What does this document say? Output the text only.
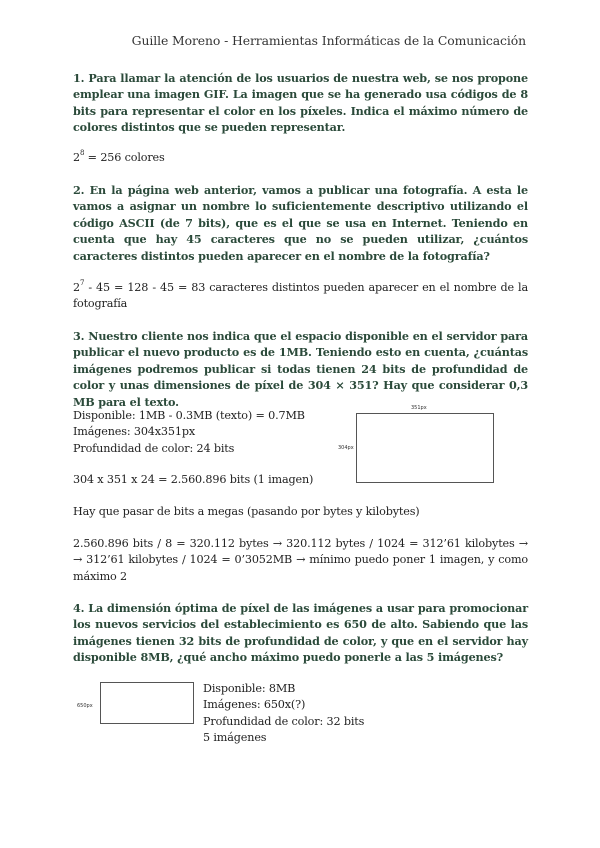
Guille Moreno - Herramientas Informáticas de la Comunicación
1. Para llamar la atención de los usuarios de nuestra web, se nos propone emplear una imagen GIF. La imagen que se ha generado usa códigos de 8 bits para representar el color en los píxeles. Indica el máximo número de colores distintos que se pueden representar.
$2^8 = 256$ colores
2. En la página web anterior, vamos a publicar una fotografía. A esta le vamos a asignar un nombre lo suficientemente descriptivo utilizando el código ASCII (de 7 bits), que es el que se usa en Internet. Teniendo en cuenta que hay 45 caracteres que no se pueden utilizar, ¿cuántos caracteres distintos pueden aparecer en el nombre de la fotografía?
$2^7 - 45 = 128 - 45 = 83$ caracteres distintos pueden aparecer en el nombre de la fotografía
3. Nuestro cliente nos indica que el espacio disponible en el servidor para publicar el nuevo producto es de 1MB. Teniendo esto en cuenta, ¿cuántas imágenes podremos publicar si todas tienen 24 bits de profundidad de color y unas dimensiones de píxel de 304 × 351? Hay que considerar 0,3 MB para el texto.
Disponible: 1MB - 0.3MB (texto) = 0.7MB
Imágenes: 304x351px
Profundidad de color: 24 bits
351px
304px
304 x 351 x 24 = 2.560.896 bits (1 imagen)
Hay que pasar de bits a megas (pasando por bytes y kilobytes)
2.560.896 bits / 8 = 320.112 bytes → 320.112 bytes / 1024 = 312’61 kilobytes → → 312’61 kilobytes / 1024 = 0’3052MB → mínimo puedo poner 1 imagen, y como máximo 2
4. La dimensión óptima de píxel de las imágenes a usar para promocionar los nuevos servicios del establecimiento es 650 de alto. Sabiendo que las imágenes tienen 32 bits de profundidad de color, y que en el servidor hay disponible 8MB, ¿qué ancho máximo puedo ponerle a las 5 imágenes?
650px
Disponible: 8MB
Imágenes: 650x(?)
Profundidad de color: 32 bits
5 imágenes
